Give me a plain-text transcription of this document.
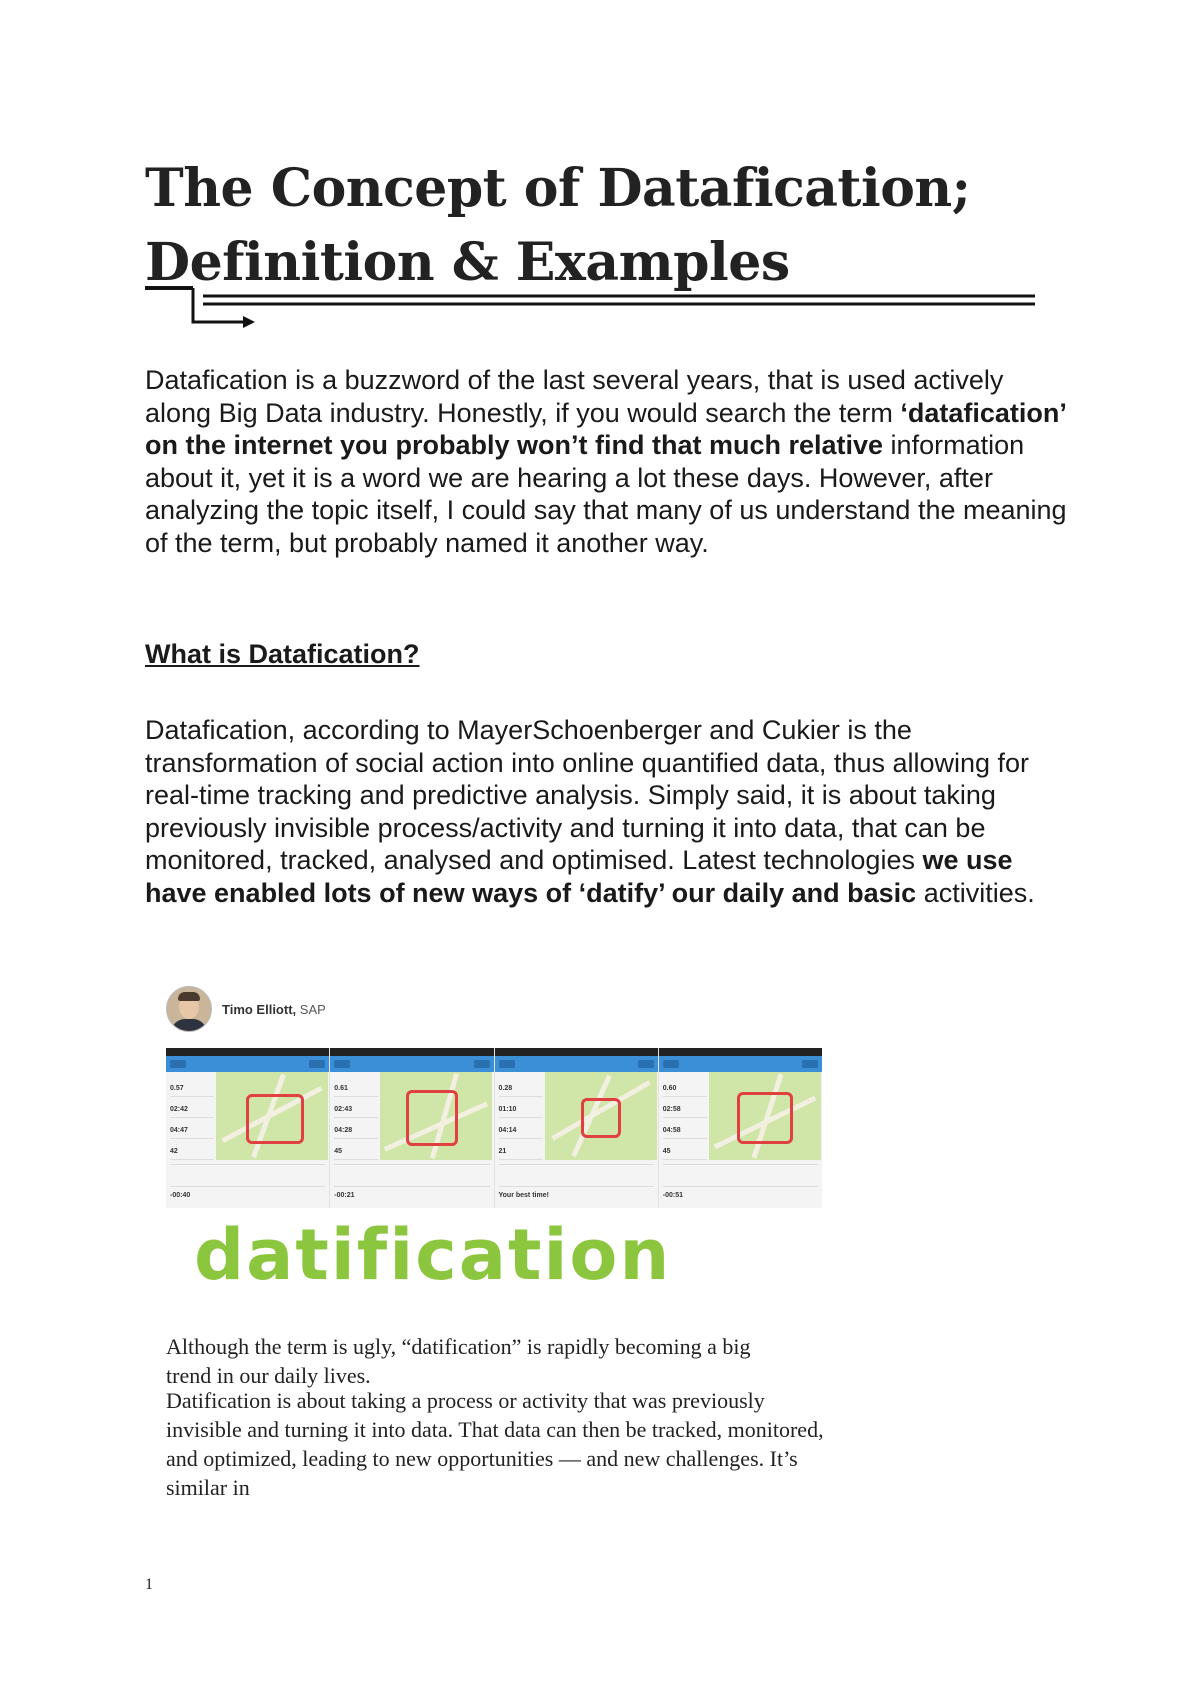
The Concept of Datafication;
Definition & Examples

Datafication is a buzzword of the last several years, that is used actively along Big Data industry. Honestly, if you would search the term ‘datafication’ on the internet you probably won’t find that much relative information about it, yet it is a word we are hearing a lot these days. However, after analyzing the topic itself, I could say that many of us understand the meaning of the term, but probably named it another way.

What is Datafication?

Datafication, according to MayerSchoenberger and Cukier is the transformation of social action into online quantified data, thus allowing for real-time tracking and predictive analysis. Simply said, it is about taking previously invisible process/activity and turning it into data, that can be monitored, tracked, analysed and optimised. Latest technologies we use have enabled lots of new ways of ‘datify’ our daily and basic activities.

Timo Elliott, SAP
0.57
02:42
04:47
42
-00:40
0.61
02:43
04:28
45
-00:21
0.28
01:10
04:14
21
Your best time!
0.60
02:58
04:58
45
-00:51
datification

Although the term is ugly, “datification” is rapidly becoming a big trend in our daily lives.

Datification is about taking a process or activity that was previously invisible and turning it into data. That data can then be tracked, monitored, and optimized, leading to new opportunities — and new challenges. It’s similar in

1
